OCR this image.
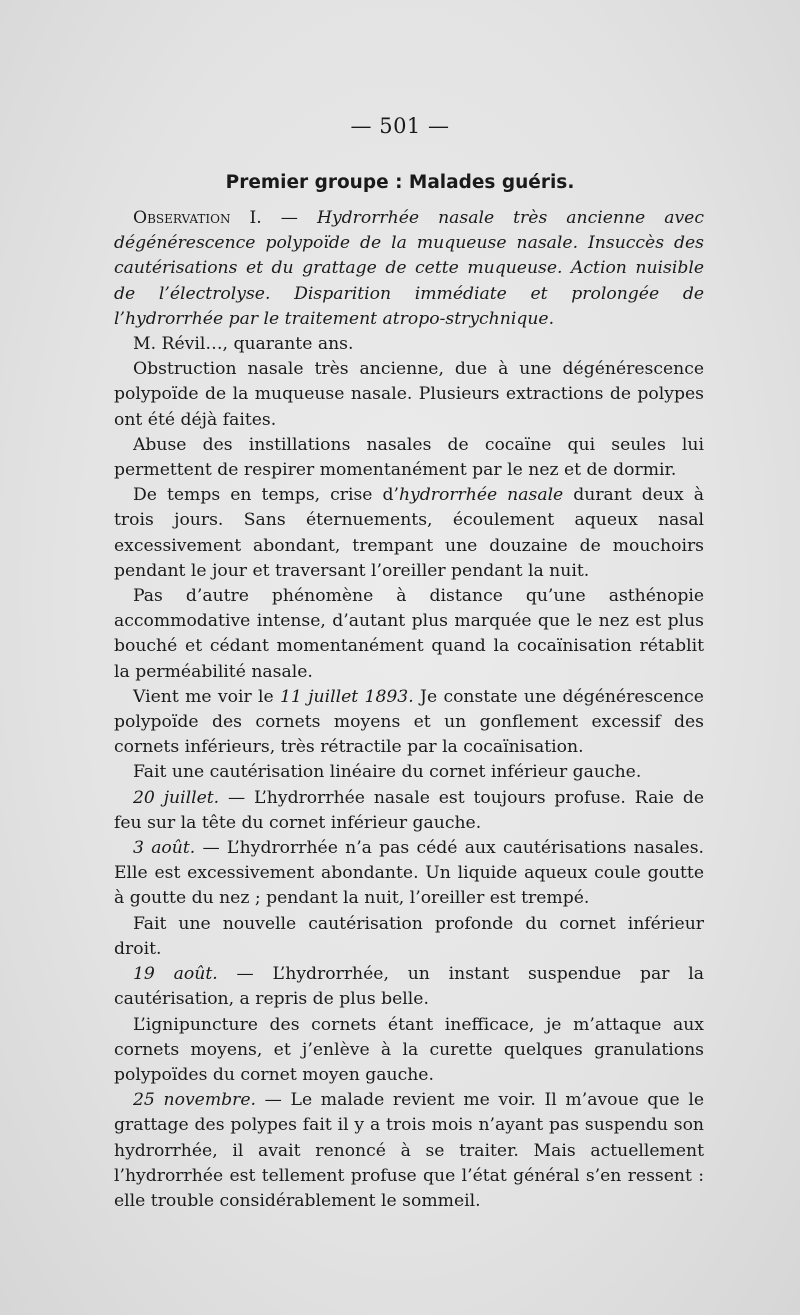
— 501 —
Premier groupe : Malades guéris.

Observation I. — Hydrorrhée nasale très ancienne avec dégénérescence polypoïde de la muqueuse nasale. Insuccès des cautérisations et du grattage de cette muqueuse. Action nuisible de l’électrolyse. Disparition immédiate et prolongée de l’hydrorrhée par le traitement atropo-strychnique.

M. Révil…, quarante ans.

Obstruction nasale très ancienne, due à une dégénérescence polypoïde de la muqueuse nasale. Plusieurs extractions de polypes ont été déjà faites.

Abuse des instillations nasales de cocaïne qui seules lui permettent de respirer momentanément par le nez et de dormir.

De temps en temps, crise d’hydrorrhée nasale durant deux à trois jours. Sans éternuements, écoulement aqueux nasal excessivement abondant, trempant une douzaine de mouchoirs pendant le jour et traversant l’oreiller pendant la nuit.

Pas d’autre phénomène à distance qu’une asthénopie accommodative intense, d’autant plus marquée que le nez est plus bouché et cédant momentanément quand la cocaïnisation rétablit la perméabilité nasale.

Vient me voir le 11 juillet 1893. Je constate une dégénérescence polypoïde des cornets moyens et un gonflement excessif des cornets inférieurs, très rétractile par la cocaïnisation.

Fait une cautérisation linéaire du cornet inférieur gauche.

20 juillet. — L’hydrorrhée nasale est toujours profuse. Raie de feu sur la tête du cornet inférieur gauche.

3 août. — L’hydrorrhée n’a pas cédé aux cautérisations nasales. Elle est excessivement abondante. Un liquide aqueux coule goutte à goutte du nez ; pendant la nuit, l’oreiller est trempé.

Fait une nouvelle cautérisation profonde du cornet inférieur droit.

19 août. — L’hydrorrhée, un instant suspendue par la cautérisation, a repris de plus belle.

L’ignipuncture des cornets étant inefficace, je m’attaque aux cornets moyens, et j’enlève à la curette quelques granulations polypoïdes du cornet moyen gauche.

25 novembre. — Le malade revient me voir. Il m’avoue que le grattage des polypes fait il y a trois mois n’ayant pas suspendu son hydrorrhée, il avait renoncé à se traiter. Mais actuellement l’hydrorrhée est tellement profuse que l’état général s’en ressent : elle trouble considérablement le sommeil.
